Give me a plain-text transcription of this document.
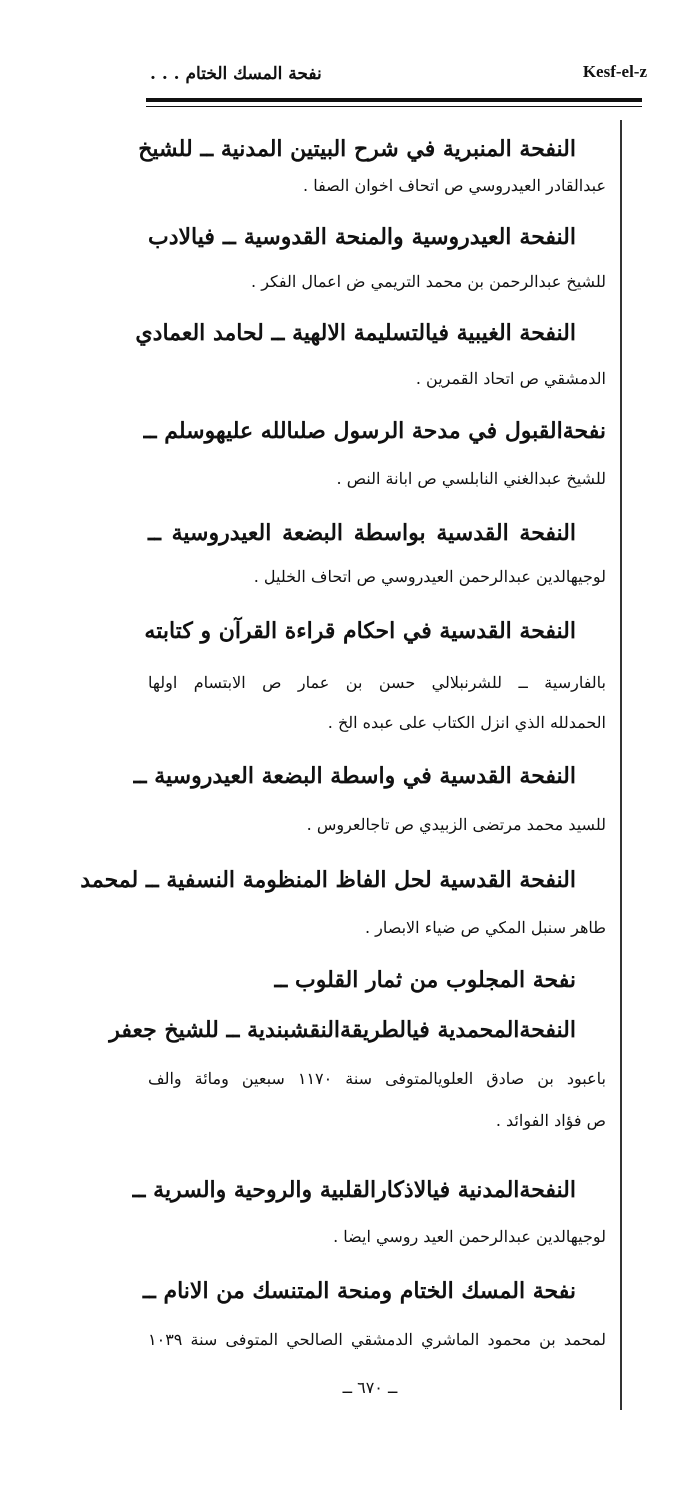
نفحة المسك الختام . . .	Kesf-el-z
النفحة المنبرية في شرح البيتين المدنية ــ للشيخ
عبدالقادر العيدروسي ص اتحاف اخوان الصفا .
النفحة العيدروسية والمنحة القدوسية ــ فيالادب
للشيخ عبدالرحمن بن محمد التريمي ض اعمال الفكر .
النفحة الغيبية فيالتسليمة الالهية ــ لحامد العمادي
الدمشقي ص اتحاد القمرين .
نفحةالقبول في مدحة الرسول صلىالله عليهوسلم ــ
للشيخ عبدالغني النابلسي ص ابانة النص .
النفحة القدسية بواسطة البضعة العيدروسية ــ
لوجيهالدين عبدالرحمن العيدروسي ص اتحاف الخليل .
النفحة القدسية في احكام قراءة القرآن و كتابته
بالفارسية ــ للشرنبلالي حسن بن عمار ص الابتسام اولها
الحمدلله الذي انزل الكتاب على عبده الخ .
النفحة القدسية في واسطة البضعة العيدروسية ــ
للسيد محمد مرتضى الزبيدي ص تاجالعروس .
النفحة القدسية لحل الفاظ المنظومة النسفية ــ لمحمد
طاهر سنبل المكي ص ضياء الابصار .
نفحة المجلوب من ثمار القلوب ــ
النفحةالمحمدية فيالطريقةالنقشبندية ــ للشيخ جعفر
باعبود بن صادق العلويالمتوفى سنة ١١٧٠ سبعين ومائة والف
ص فؤاد الفوائد .
النفحةالمدنية فيالاذكارالقلبية والروحية والسرية ــ
لوجيهالدين عبدالرحمن العيد روسي ايضا .
نفحة المسك الختام ومنحة المتنسك من الانام ــ
لمحمد بن محمود الماشري الدمشقي الصالحي المتوفى سنة ١٠٣٩
ــ ٦٧٠ ــ
